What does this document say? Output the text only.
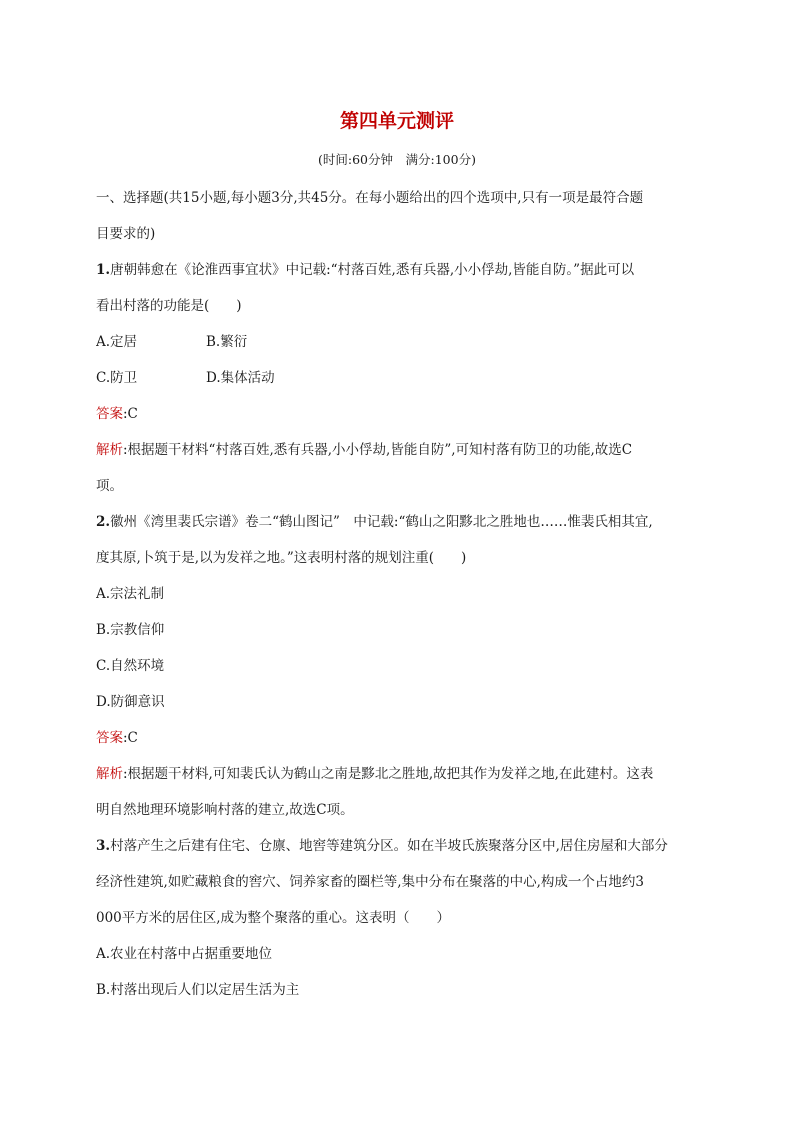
第四单元测评
(时间:60分钟　满分:100分)
一、选择题(共15小题,每小题3分,共45分。在每小题给出的四个选项中,只有一项是最符合题
目要求的)
1.唐朝韩愈在《论淮西事宜状》中记载:“村落百姓,悉有兵器,小小俘劫,皆能自防。”据此可以
看出村落的功能是(　　)
A.定居	B.繁衍
C.防卫	D.集体活动
答案:C
解析:根据题干材料“村落百姓,悉有兵器,小小俘劫,皆能自防”,可知村落有防卫的功能,故选C
项。
2.徽州《湾里裴氏宗谱》卷二“鹤山图记”　中记载:“鹤山之阳黟北之胜地也……惟裴氏相其宜,
度其原,卜筑于是,以为发祥之地。”这表明村落的规划注重(　　)
A.宗法礼制
B.宗教信仰
C.自然环境
D.防御意识
答案:C
解析:根据题干材料,可知裴氏认为鹤山之南是黟北之胜地,故把其作为发祥之地,在此建村。这表
明自然地理环境影响村落的建立,故选C项。
3.村落产生之后建有住宅、仓廪、地窖等建筑分区。如在半坡氏族聚落分区中,居住房屋和大部分
经济性建筑,如贮藏粮食的窖穴、饲养家畜的圈栏等,集中分布在聚落的中心,构成一个占地约3
000平方米的居住区,成为整个聚落的重心。这表明（　　）
A.农业在村落中占据重要地位
B.村落出现后人们以定居生活为主
